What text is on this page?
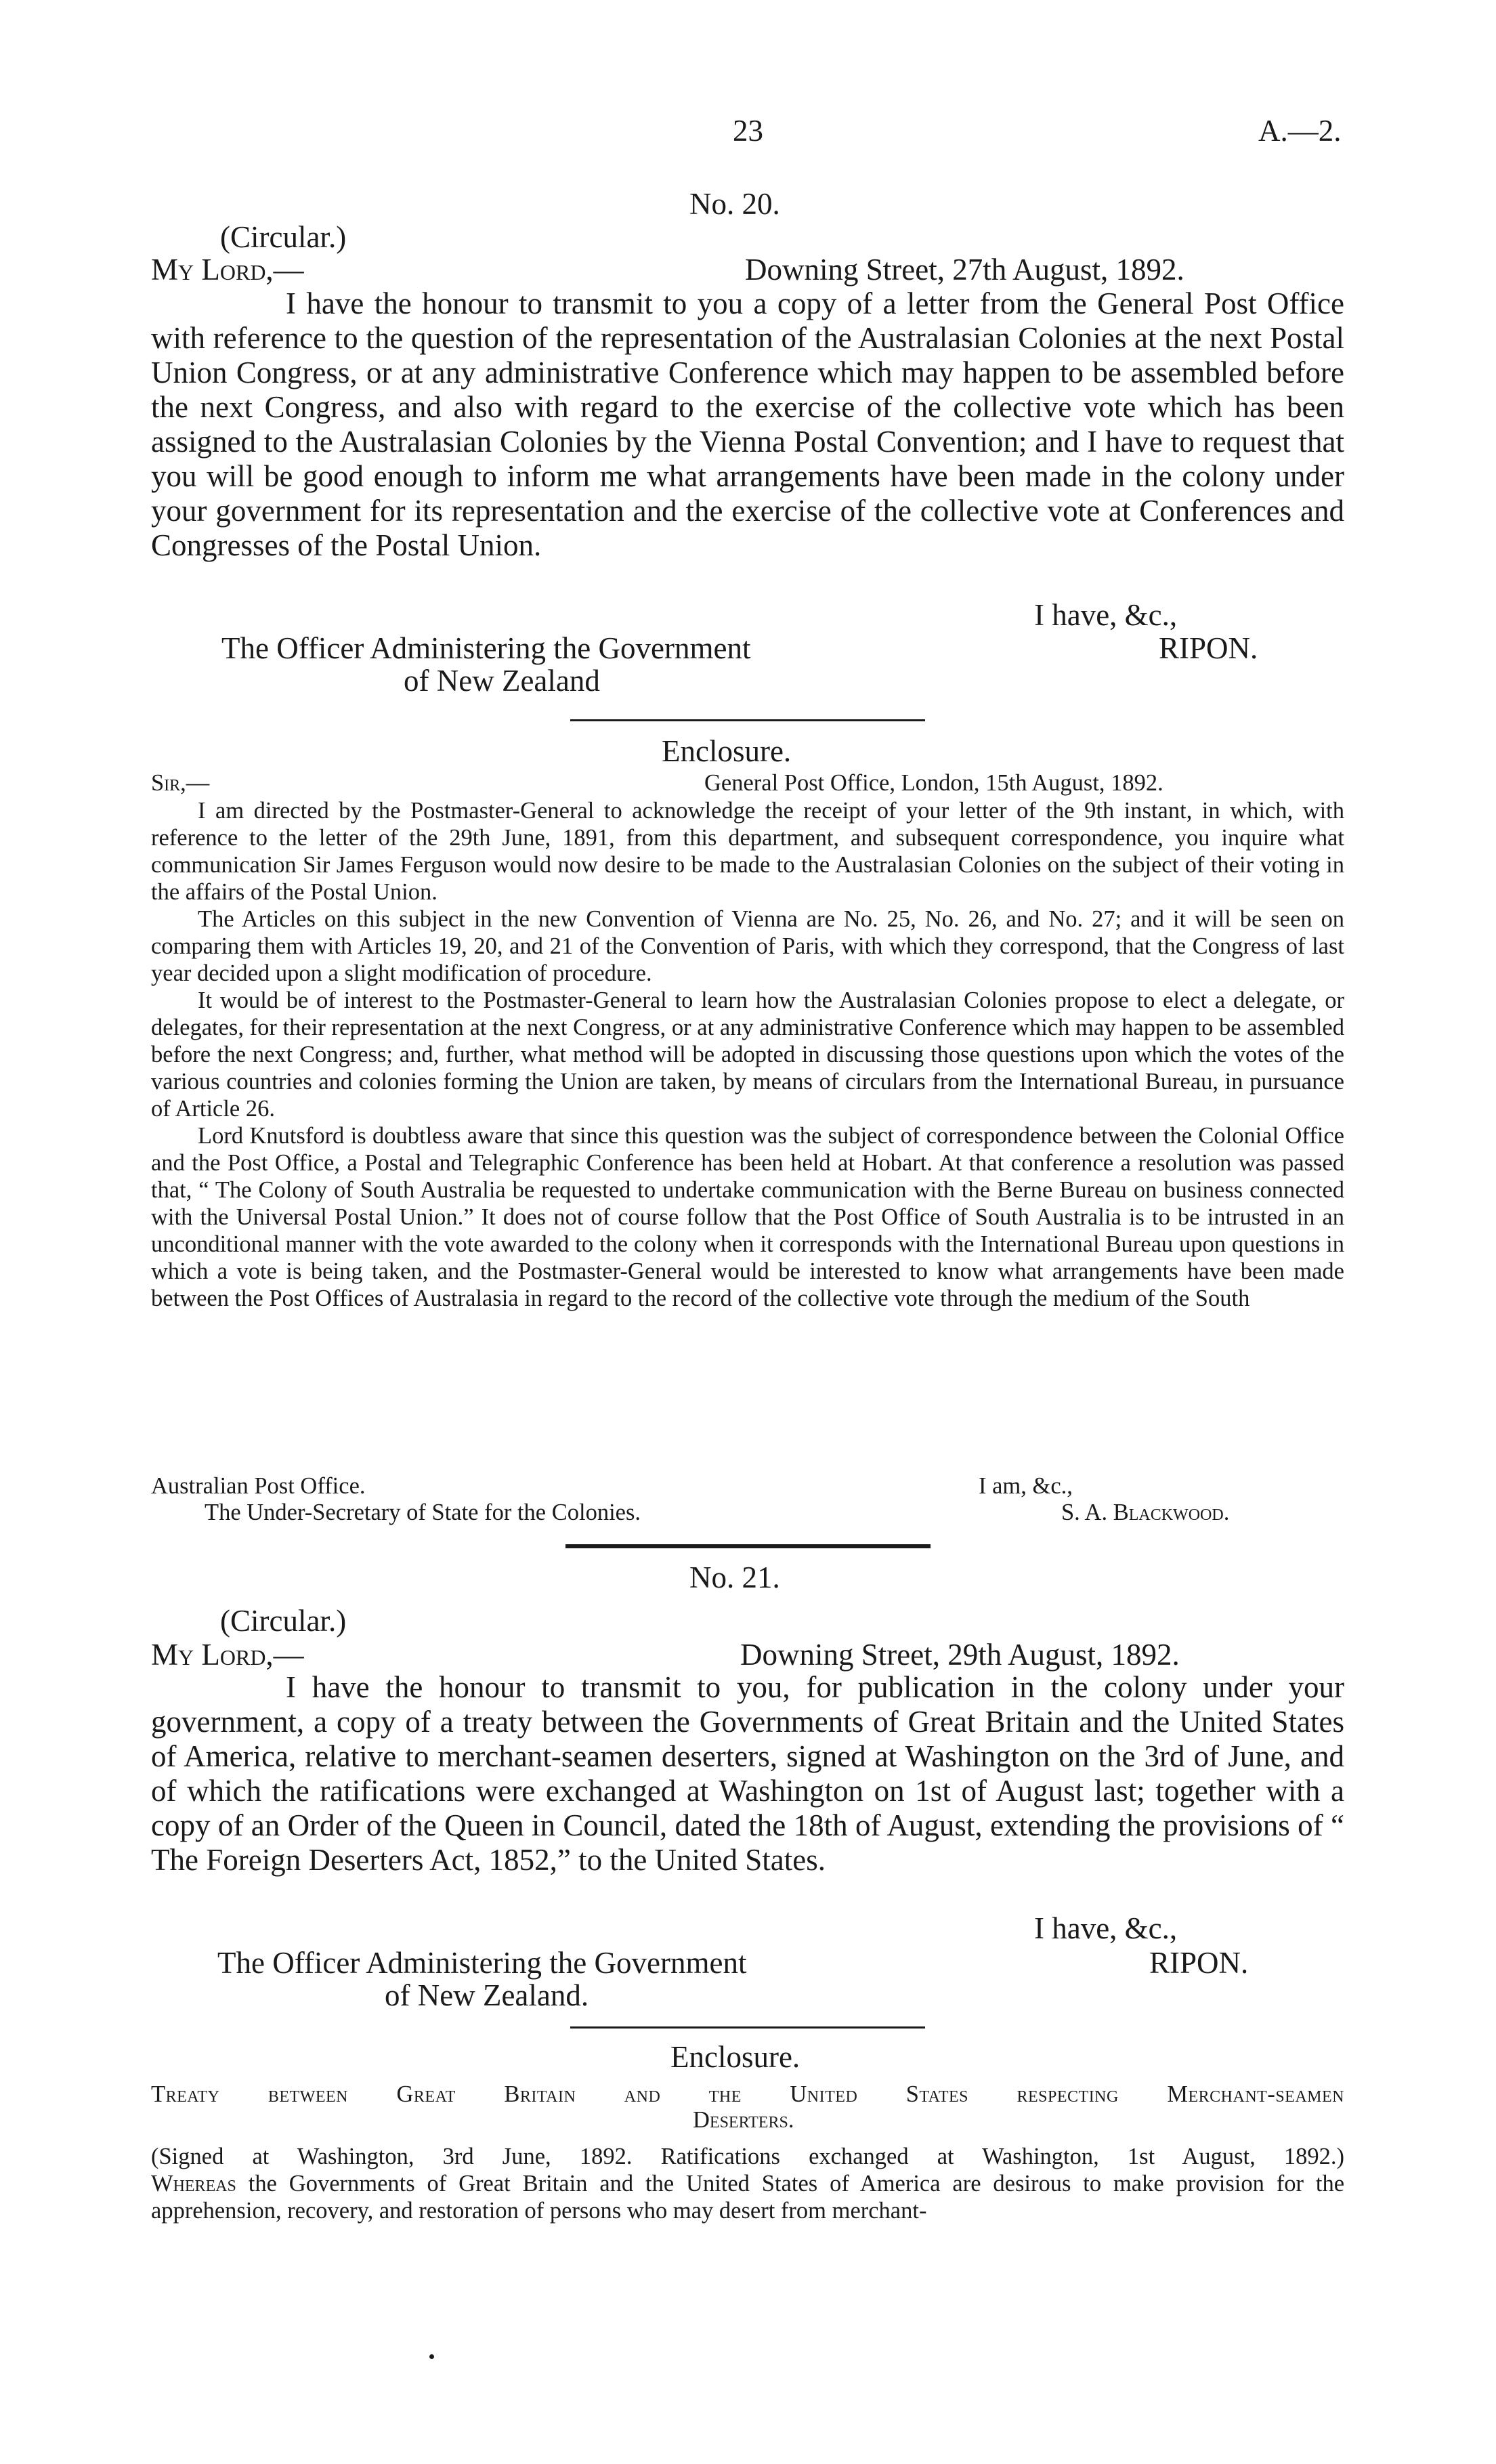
23	A.—2.
No. 20.
(Circular.)
My Lord,—	Downing Street, 27th August, 1892.

I have the honour to transmit to you a copy of a letter from the General Post Office with reference to the question of the representation of the Australasian Colonies at the next Postal Union Congress, or at any administrative Conference which may happen to be assembled before the next Congress, and also with regard to the exercise of the collective vote which has been assigned to the Australasian Colonies by the Vienna Postal Convention; and I have to request that you will be good enough to inform me what arrangements have been made in the colony under your government for its representation and the exercise of the collective vote at Conferences and Congresses of the Postal Union.

I have, &c.,
The Officer Administering the Government	RIPON.
of New Zealand
Enclosure.
Sir,—	General Post Office, London, 15th August, 1892.

I am directed by the Postmaster-General to acknowledge the receipt of your letter of the 9th instant, in which, with reference to the letter of the 29th June, 1891, from this department, and subsequent correspondence, you inquire what communication Sir James Ferguson would now desire to be made to the Australasian Colonies on the subject of their voting in the affairs of the Postal Union.

The Articles on this subject in the new Convention of Vienna are No. 25, No. 26, and No. 27; and it will be seen on comparing them with Articles 19, 20, and 21 of the Convention of Paris, with which they correspond, that the Congress of last year decided upon a slight modification of procedure.

It would be of interest to the Postmaster-General to learn how the Australasian Colonies propose to elect a delegate, or delegates, for their representation at the next Congress, or at any administrative Conference which may happen to be assembled before the next Congress; and, further, what method will be adopted in discussing those questions upon which the votes of the various countries and colonies forming the Union are taken, by means of circulars from the International Bureau, in pursuance of Article 26.

Lord Knutsford is doubtless aware that since this question was the subject of correspondence between the Colonial Office and the Post Office, a Postal and Telegraphic Conference has been held at Hobart. At that conference a resolution was passed that, “ The Colony of South Australia be requested to undertake communication with the Berne Bureau on business connected with the Universal Postal Union.” It does not of course follow that the Post Office of South Australia is to be intrusted in an unconditional manner with the vote awarded to the colony when it corresponds with the International Bureau upon questions in which a vote is being taken, and the Postmaster-General would be interested to know what arrangements have been made between the Post Offices of Australasia in regard to the record of the collective vote through the medium of the South

Australian Post Office.	I am, &c.,
The Under-Secretary of State for the Colonies.	S. A. Blackwood.
No. 21.
(Circular.)
My Lord,—	Downing Street, 29th August, 1892.

I have the honour to transmit to you, for publication in the colony under your government, a copy of a treaty between the Governments of Great Britain and the United States of America, relative to merchant-seamen deserters, signed at Washington on the 3rd of June, and of which the ratifications were exchanged at Washington on 1st of August last; together with a copy of an Order of the Queen in Council, dated the 18th of August, extending the provisions of “ The Foreign Deserters Act, 1852,” to the United States.

I have, &c.,
The Officer Administering the Government	RIPON.
of New Zealand.
Enclosure.
Treaty between Great Britain and the United States respecting Merchant-seamen
Deserters.
(Signed at Washington, 3rd June, 1892. Ratifications exchanged at Washington, 1st August, 1892.)

Whereas the Governments of Great Britain and the United States of America are desirous to make provision for the apprehension, recovery, and restoration of persons who may desert from merchant-
